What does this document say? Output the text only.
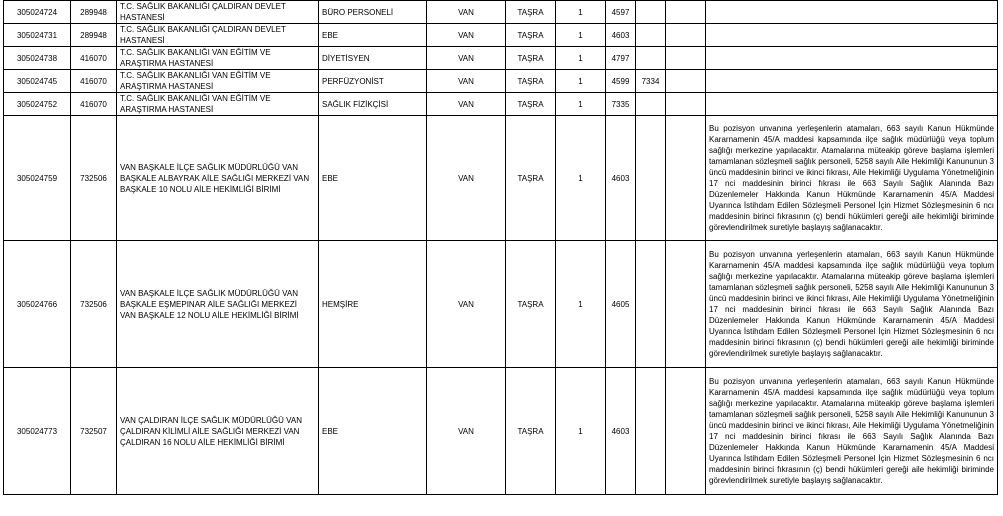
305024724	289948	T.C. SAĞLIK BAKANLIĞI ÇALDIRAN DEVLET HASTANESİ	BÜRO PERSONELİ	VAN	TAŞRA	1	4597			
305024731	289948	T.C. SAĞLIK BAKANLIĞI ÇALDIRAN DEVLET HASTANESİ	EBE	VAN	TAŞRA	1	4603			
305024738	416070	T.C. SAĞLIK BAKANLIĞI VAN EĞİTİM VE ARAŞTIRMA HASTANESİ	DİYETİSYEN	VAN	TAŞRA	1	4797			
305024745	416070	T.C. SAĞLIK BAKANLIĞI VAN EĞİTİM VE ARAŞTIRMA HASTANESİ	PERFÜZYONİST	VAN	TAŞRA	1	4599	7334		
305024752	416070	T.C. SAĞLIK BAKANLIĞI VAN EĞİTİM VE ARAŞTIRMA HASTANESİ	SAĞLIK FİZİKÇİSİ	VAN	TAŞRA	1	7335			
305024759	732506	VAN BAŞKALE İLÇE SAĞLIK MÜDÜRLÜĞÜ VAN BAŞKALE ALBAYRAK AİLE SAĞLIĞI MERKEZİ VAN BAŞKALE 10 NOLU AİLE HEKİMLİĞİ BİRİMİ	EBE	VAN	TAŞRA	1	4603			Bu pozisyon unvanına yerleşenlerin atamaları, 663 sayılı Kanun Hükmünde Kararnamenin 45/A maddesi kapsamında ilçe sağlık müdürlüğü veya toplum sağlığı merkezine yapılacaktır. Atamalarına müteakip göreve başlama işlemleri tamamlanan sözleşmeli sağlık personeli, 5258 sayılı Aile Hekimliği Kanununun 3 üncü maddesinin birinci ve ikinci fıkrası, Aile Hekimliği Uygulama Yönetmeliğinin 17 nci maddesinin birinci fıkrası ile 663 Sayılı Sağlık Alanında Bazı Düzenlemeler Hakkında Kanun Hükmünde Kararnamenin 45/A Maddesi Uyarınca İstihdam Edilen Sözleşmeli Personel İçin Hizmet Sözleşmesinin 6 ncı maddesinin birinci fıkrasının (ç) bendi hükümleri gereği aile hekimliği biriminde görevlendirilmek suretiyle başlayış sağlanacaktır.
305024766	732506	VAN BAŞKALE İLÇE SAĞLIK MÜDÜRLÜĞÜ VAN BAŞKALE EŞMEPINAR AİLE SAĞLIĞI MERKEZİ VAN BAŞKALE 12 NOLU AİLE HEKİMLİĞİ BİRİMİ	HEMŞİRE	VAN	TAŞRA	1	4605			Bu pozisyon unvanına yerleşenlerin atamaları, 663 sayılı Kanun Hükmünde Kararnamenin 45/A maddesi kapsamında ilçe sağlık müdürlüğü veya toplum sağlığı merkezine yapılacaktır. Atamalarına müteakip göreve başlama işlemleri tamamlanan sözleşmeli sağlık personeli, 5258 sayılı Aile Hekimliği Kanununun 3 üncü maddesinin birinci ve ikinci fıkrası, Aile Hekimliği Uygulama Yönetmeliğinin 17 nci maddesinin birinci fıkrası ile 663 Sayılı Sağlık Alanında Bazı Düzenlemeler Hakkında Kanun Hükmünde Kararnamenin 45/A Maddesi Uyarınca İstihdam Edilen Sözleşmeli Personel İçin Hizmet Sözleşmesinin 6 ncı maddesinin birinci fıkrasının (ç) bendi hükümleri gereği aile hekimliği biriminde görevlendirilmek suretiyle başlayış sağlanacaktır.
305024773	732507	VAN ÇALDIRAN İLÇE SAĞLIK MÜDÜRLÜĞÜ VAN ÇALDIRAN KİLİMLİ AİLE SAĞLIĞI MERKEZİ VAN ÇALDIRAN 16 NOLU AİLE HEKİMLİĞİ BİRİMİ	EBE	VAN	TAŞRA	1	4603			Bu pozisyon unvanına yerleşenlerin atamaları, 663 sayılı Kanun Hükmünde Kararnamenin 45/A maddesi kapsamında ilçe sağlık müdürlüğü veya toplum sağlığı merkezine yapılacaktır. Atamalarına müteakip göreve başlama işlemleri tamamlanan sözleşmeli sağlık personeli, 5258 sayılı Aile Hekimliği Kanununun 3 üncü maddesinin birinci ve ikinci fıkrası, Aile Hekimliği Uygulama Yönetmeliğinin 17 nci maddesinin birinci fıkrası ile 663 Sayılı Sağlık Alanında Bazı Düzenlemeler Hakkında Kanun Hükmünde Kararnamenin 45/A Maddesi Uyarınca İstihdam Edilen Sözleşmeli Personel İçin Hizmet Sözleşmesinin 6 ncı maddesinin birinci fıkrasının (ç) bendi hükümleri gereği aile hekimliği biriminde görevlendirilmek suretiyle başlayış sağlanacaktır.
